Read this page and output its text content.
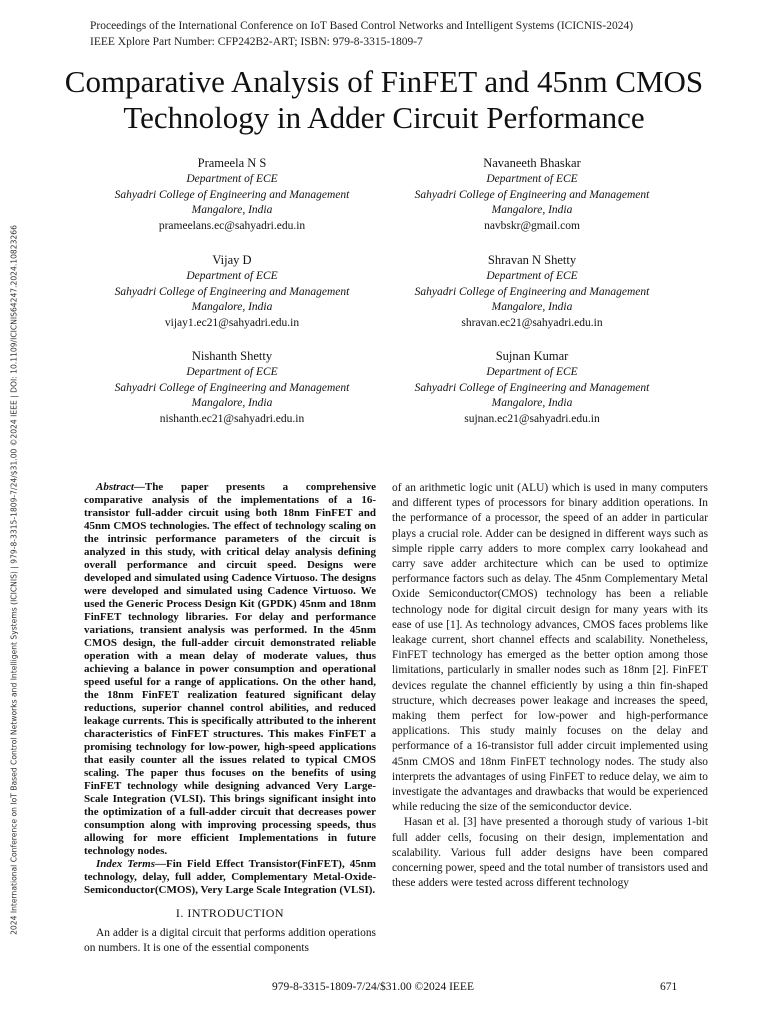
2024 International Conference on IoT Based Control Networks and Intelligent Systems (ICICNIS) | 979-8-3315-1809-7/24/$31.00 ©2024 IEEE | DOI: 10.1109/ICICNIS64247.2024.10823266
Proceedings of the International Conference on IoT Based Control Networks and Intelligent Systems (ICICNIS-2024)
IEEE Xplore Part Number: CFP242B2-ART; ISBN: 979-8-3315-1809-7
Comparative Analysis of FinFET and 45nm CMOS
Technology in Adder Circuit Performance
Prameela N S
Department of ECE
Sahyadri College of Engineering and Management
Mangalore, India
prameelans.ec@sahyadri.edu.in
Navaneeth Bhaskar
Department of ECE
Sahyadri College of Engineering and Management
Mangalore, India
navbskr@gmail.com
Vijay D
Department of ECE
Sahyadri College of Engineering and Management
Mangalore, India
vijay1.ec21@sahyadri.edu.in
Shravan N Shetty
Department of ECE
Sahyadri College of Engineering and Management
Mangalore, India
shravan.ec21@sahyadri.edu.in
Nishanth Shetty
Department of ECE
Sahyadri College of Engineering and Management
Mangalore, India
nishanth.ec21@sahyadri.edu.in
Sujnan Kumar
Department of ECE
Sahyadri College of Engineering and Management
Mangalore, India
sujnan.ec21@sahyadri.edu.in

Abstract—The paper presents a comprehensive comparative analysis of the implementations of a 16-transistor full-adder circuit using both 18nm FinFET and 45nm CMOS technologies. The effect of technology scaling on the intrinsic performance parameters of the circuit is analyzed in this study, with critical delay analysis defining overall performance and circuit speed. Designs were developed and simulated using Cadence Virtuoso. The designs were developed and simulated using Cadence Virtuoso. We used the Generic Process Design Kit (GPDK) 45nm and 18nm FinFET technology libraries. For delay and performance variations, transient analysis was performed. In the 45nm CMOS design, the full-adder circuit demonstrated reliable operation with a mean delay of moderate values, thus achieving a balance in power consumption and operational speed useful for a range of applications. On the other hand, the 18nm FinFET realization featured significant delay reductions, superior channel control abilities, and reduced leakage currents. This is specifically attributed to the inherent characteristics of FinFET structures. This makes FinFET a promising technology for low-power, high-speed applications that easily counter all the issues related to typical CMOS scaling. The paper thus focuses on the benefits of using FinFET technology while designing advanced Very Large-Scale Integration (VLSI). This brings significant insight into the optimization of a full-adder circuit that decreases power consumption along with improving processing speeds, thus allowing for more efficient Implementations in future technology nodes.

Index Terms—Fin Field Effect Transistor(FinFET), 45nm technology, delay, full adder, Complementary Metal-Oxide-Semiconductor(CMOS), Very Large Scale Integration (VLSI).

I. INTRODUCTION

An adder is a digital circuit that performs addition operations on numbers. It is one of the essential components

of an arithmetic logic unit (ALU) which is used in many computers and different types of processors for binary addition operations. In the performance of a processor, the speed of an adder in particular plays a crucial role. Adder can be designed in different ways such as simple ripple carry adders to more complex carry lookahead and carry save adder architecture which can be used to optimize performance factors such as delay. The 45nm Complementary Metal Oxide Semiconductor(CMOS) technology has been a reliable technology node for digital circuit design for many years with its ease of use [1]. As technology advances, CMOS faces problems like leakage current, short channel effects and scalability. Nonetheless, FinFET technology has emerged as the better option among those limitations, particularly in smaller nodes such as 18nm [2]. FinFET devices regulate the channel efficiently by using a thin fin-shaped structure, which decreases power leakage and increases the speed, making them perfect for low-power and high-performance applications. This study mainly focuses on the delay and performance of a 16-transistor full adder circuit implemented using 45nm CMOS and 18nm FinFET technology nodes. The study also interprets the advantages of using FinFET to reduce delay, we aim to investigate the advantages and drawbacks that would be experienced while reducing the size of the semiconductor device.

Hasan et al. [3] have presented a thorough study of various 1-bit full adder cells, focusing on their design, implementation and scalability. Various full adder designs have been compared concerning power, speed and the total number of transistors used and these adders were tested across different technology

979-8-3315-1809-7/24/$31.00 ©2024 IEEE	671
